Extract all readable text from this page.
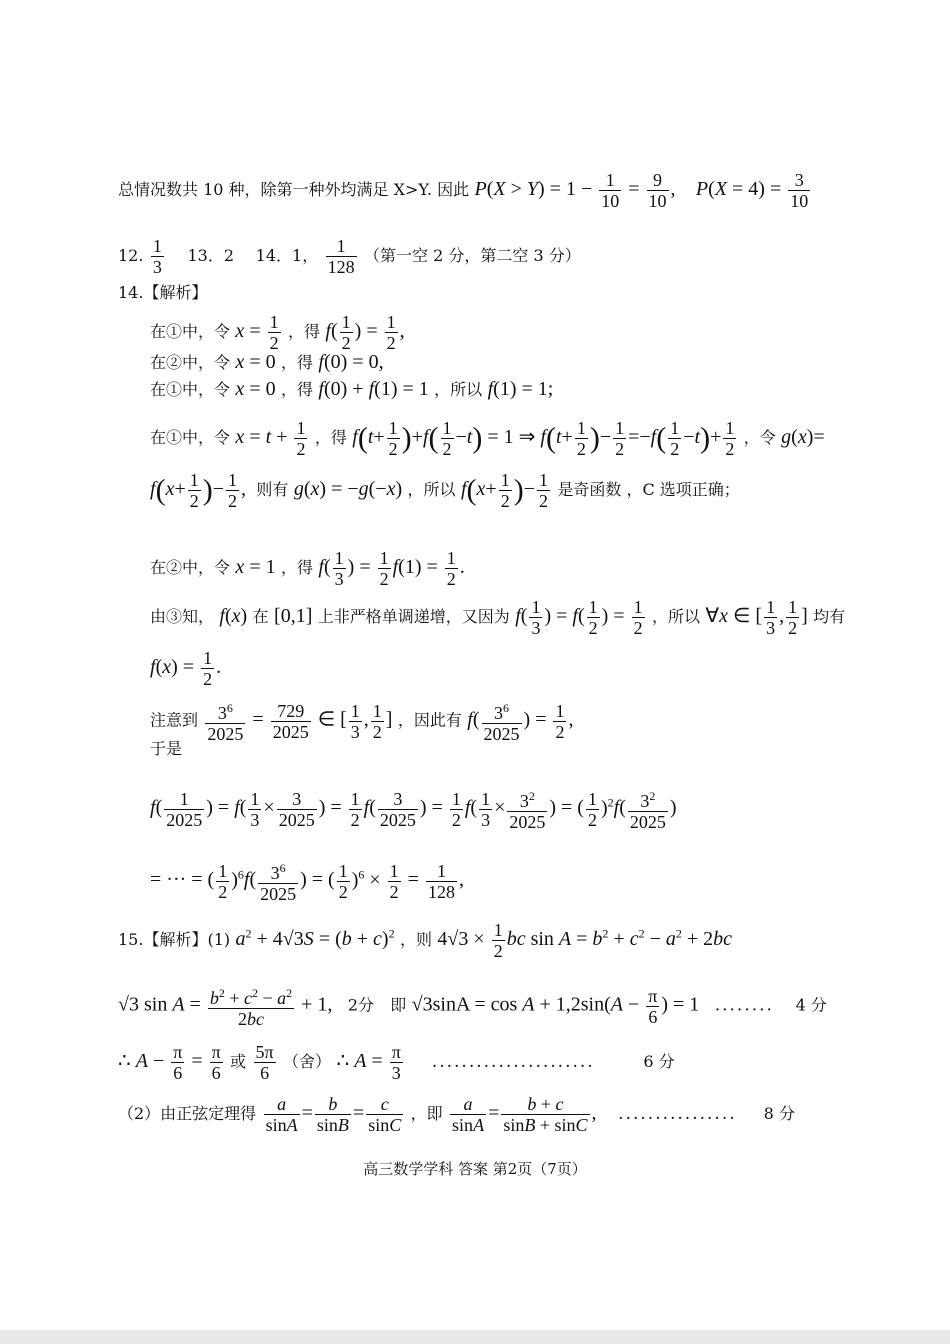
总情况数共 10 种，除第一种外均满足 X>Y. 因此 $P(X > Y) = 1 - \frac{1}{10} = \frac{9}{10}$ ,    $P(X = 4) = \frac{3}{10}$
12. $\frac{1}{3} 13$．2 14．1， $\frac{1}{128}$ （第一空 2 分，第二空 3 分）
14.【解析】
在①中，令 $x = \frac{1}{2}$ ，得 $f( \frac{1}{2}$ ) = $\frac{1}{2}$ ,
在②中，令 x = 0 ，得 f(0) = 0,
在①中，令 x = 0 ，得 f(0) + f(1) = 1 ，所以 f(1) = 1;
在①中，令 $x = t + \frac{1}{2}$ ，得 $f(t+ \frac{1}{2} )+f( \frac{1}{2} -t) = 1$ ⇒ $f(t+ \frac{1}{2}$ )− $\frac{1}{2} =-f( \frac{1}{2} -t)+ \frac{1}{2}$ ，令 g(x)=
$f(x+ \frac{1}{2}$ )− $\frac{1}{2}$ ,  则有 g(x) = −g(−x) ，所以 $f(x+ \frac{1}{2}$ )− $\frac{1}{2}$ 是奇函数 ，C 选项正确；
在②中，令 x = 1 ，得 $f( \frac{1}{3}$ ) = $\frac{1}{2} f(1) = \frac{1}{2}$ .
由③知， f(x) 在 [0,1] 上非严格单调递增，又因为 $f( \frac{1}{3}$ ) = $f( \frac{1}{2}$ ) = $\frac{1}{2}$ ，所以 ∀x ∈ [ $\frac{1}{3}$ , $\frac{1}{2}$ ] 均有
$f(x) = \frac{1}{2}$ .
注意到 $\frac{3^6}{2025} = \frac{729}{2025}$ ∈ [ $\frac{1}{3}$ , $\frac{1}{2}$ ] ，因此有 $f( \frac{3^6}{2025}$ ) = $\frac{1}{2}$ ,
于是
$f( \frac{1}{2025}$ ) = $f( \frac{1}{3} \times \frac{3}{2025}$ ) = $\frac{1}{2} f( \frac{3}{2025}$ ) = $\frac{1}{2} f( \frac{1}{3} \times \frac{3^2}{2025}$ ) = ( $\frac{1}{2} )^2f( \frac{3^2}{2025}$ )
= ··· = ( $\frac{1}{2} )^6f( \frac{3^6}{2025}$ ) = ( $\frac{1}{2} )^6 \times \frac{1}{2} = \frac{1}{128}$ ,
15.【解析】(1) $a^2 + 4√3S = (b + c)^2$ ，则 $4√3 \times \frac{1}{2}$ bc $\sin A = b^2 + c^2 - a^2 + 2bc$
√3 $\sin A = \frac{b^2 + c^2 - a^2}{2bc} + 1$,   2分 即 $√3\sin A = \cos A + 1,2\sin(A - \frac{\pi}{6}$ ) = 1   ........ 4 分
∴ $A - \frac{\pi}{6} = \frac{\pi}{6}$ 或 $\frac{5\pi}{6}$ （舍） ∴ $A = \frac{\pi}{3}$ ......................	6 分
（2）由正弦定理得 $\frac{a}{\sin A} = \frac{b}{\sin B} = \frac{c}{\sin C}$ ，即 $\frac{a}{\sin A} = \frac{b + c}{\sin B + \sin C}$ , ................ 8 分
高三数学学科 答案 第2页（7页）
